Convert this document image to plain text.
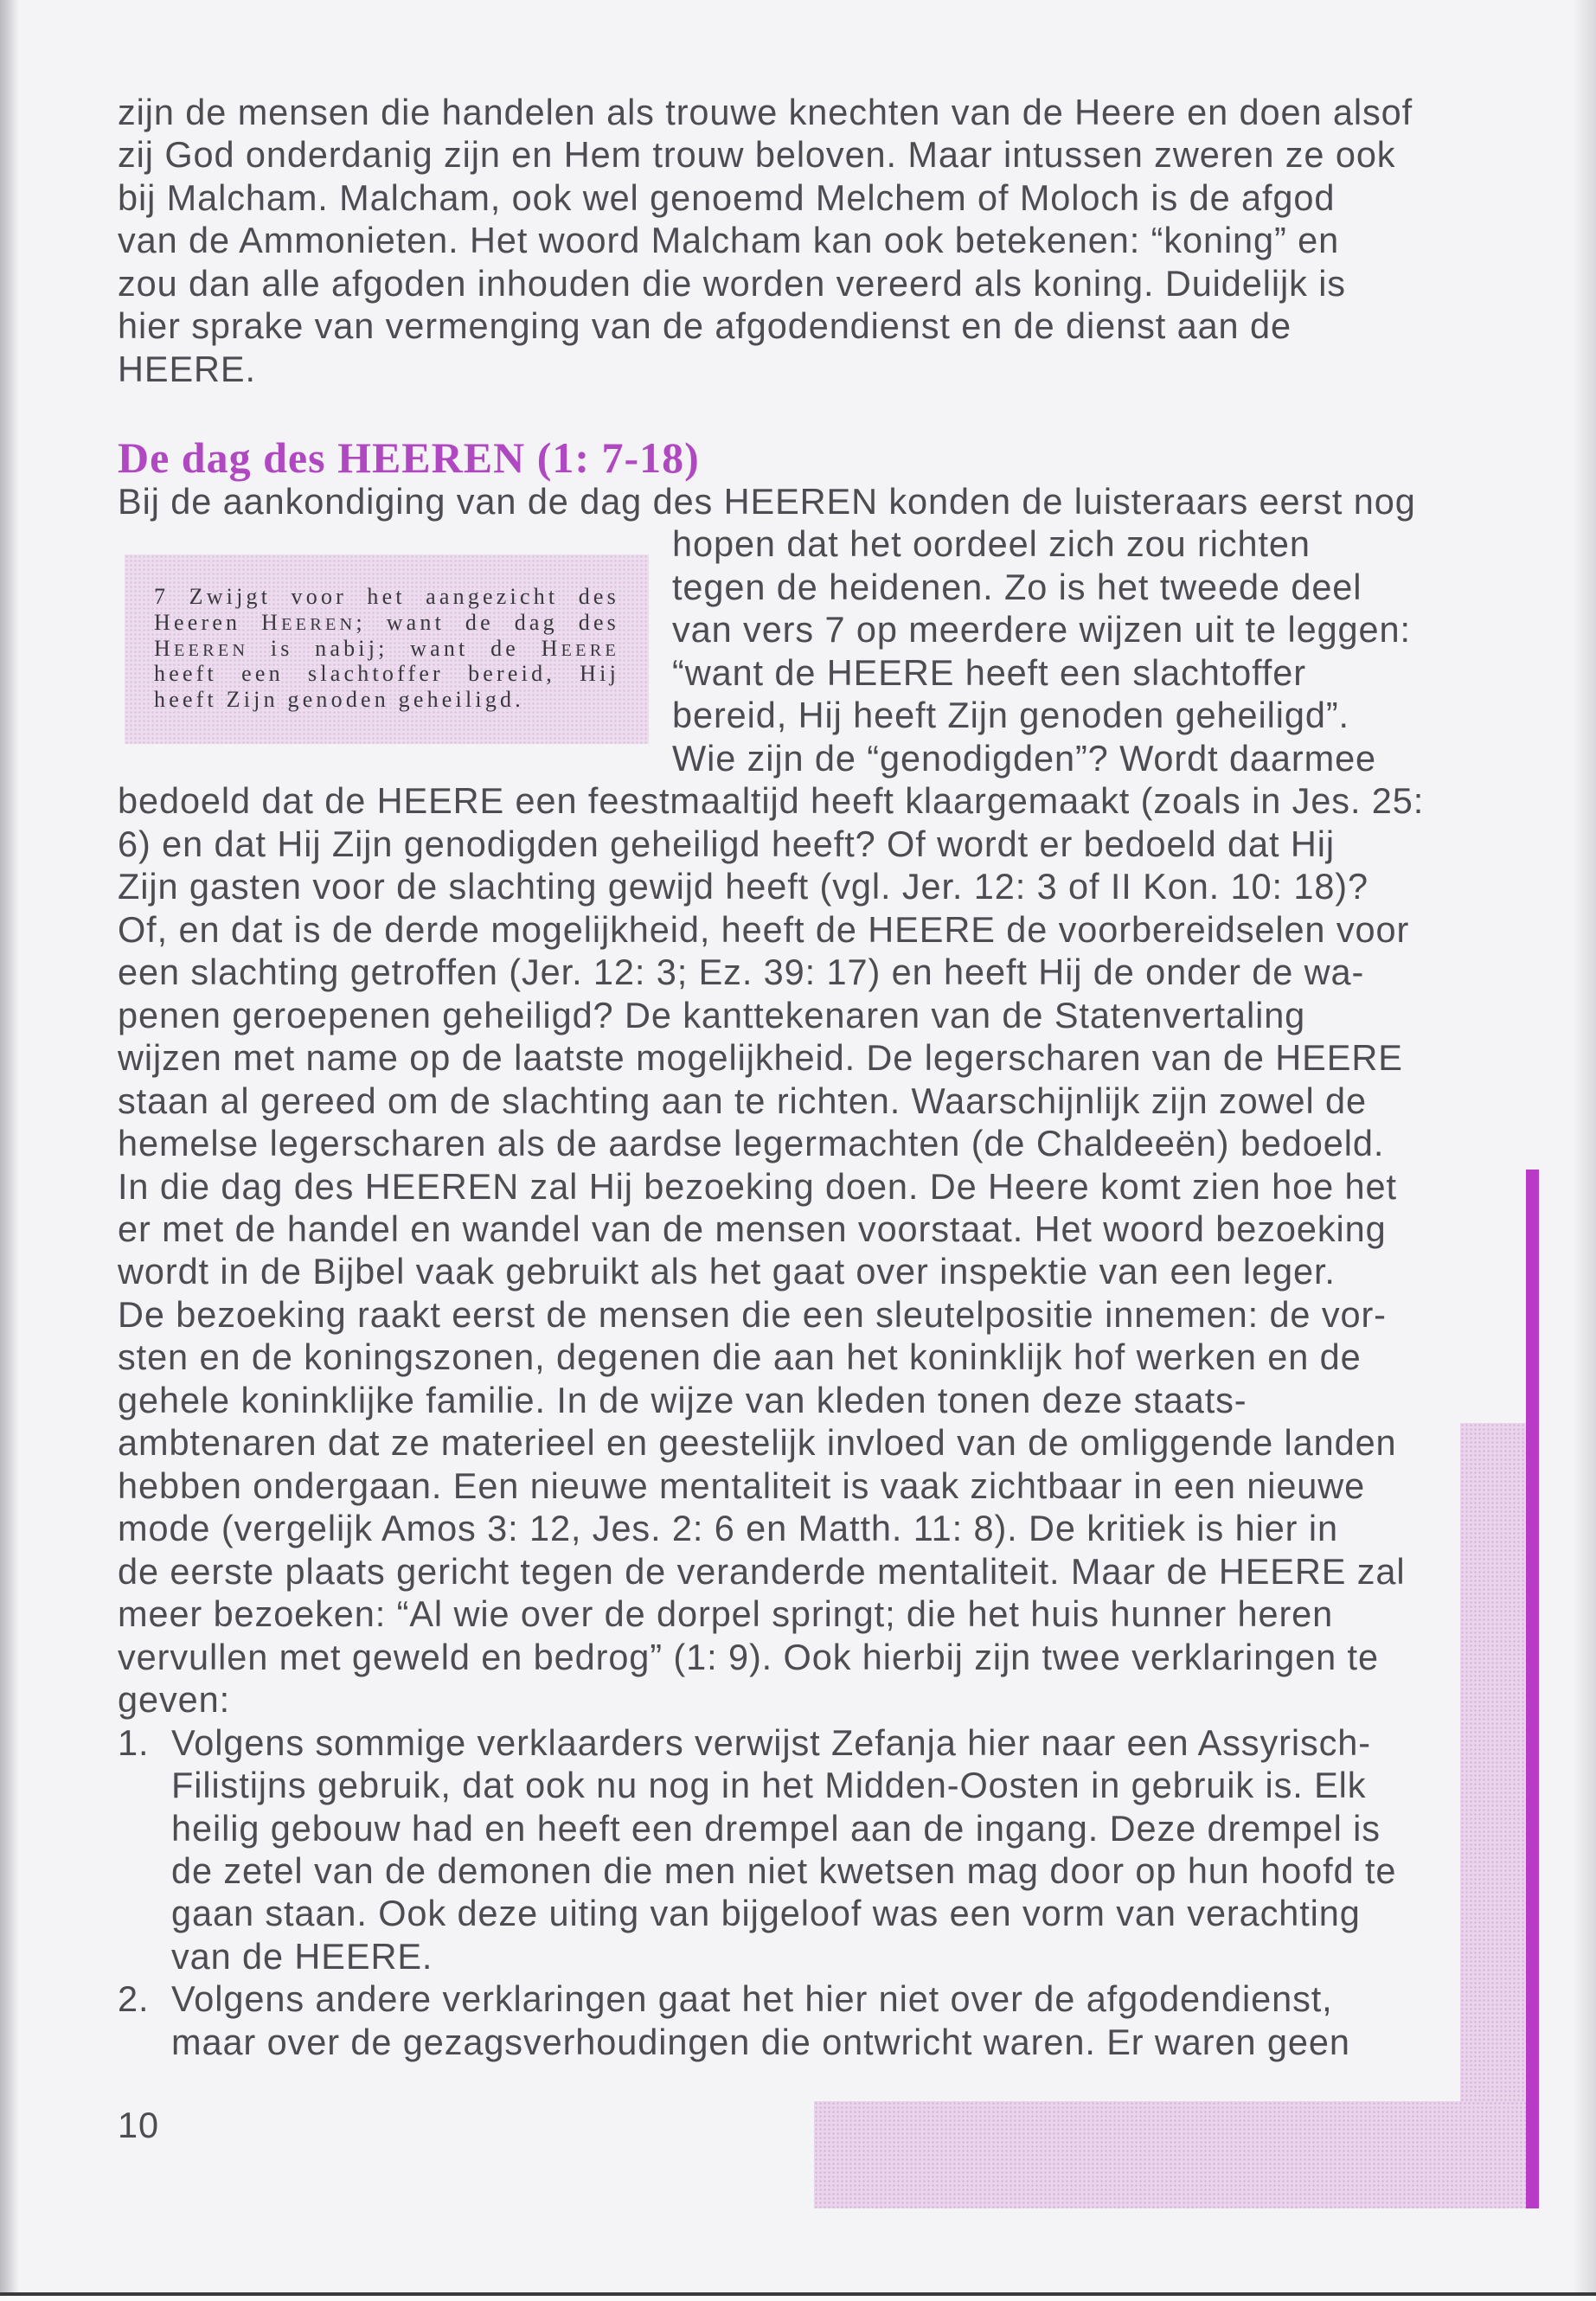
zijn de mensen die handelen als trouwe knechten van de Heere en doen alsof
zij God onderdanig zijn en Hem trouw beloven. Maar intussen zweren ze ook
bij Malcham. Malcham, ook wel genoemd Melchem of Moloch is de afgod
van de Ammonieten. Het woord Malcham kan ook betekenen: “koning” en
zou dan alle afgoden inhouden die worden vereerd als koning. Duidelijk is
hier sprake van vermenging van de afgodendienst en de dienst aan de
HEERE.
De dag des HEEREN (1: 7-18)
7 Zwijgt voor het aangezicht des
Heeren HEEREN; want de dag des
HEEREN is nabij; want de HEERE
heeft een slachtoffer bereid, Hij
heeft Zijn genoden geheiligd.
Bij de aankondiging van de dag des HEEREN konden de luisteraars eerst nog
hopen dat het oordeel zich zou richten
tegen de heidenen. Zo is het tweede deel
van vers 7 op meerdere wijzen uit te leggen:
“want de HEERE heeft een slachtoffer
bereid, Hij heeft Zijn genoden geheiligd”.
Wie zijn de “genodigden”? Wordt daarmee
bedoeld dat de HEERE een feestmaaltijd heeft klaargemaakt (zoals in Jes. 25:
6) en dat Hij Zijn genodigden geheiligd heeft? Of wordt er bedoeld dat Hij
Zijn gasten voor de slachting gewijd heeft (vgl. Jer. 12: 3 of II Kon. 10: 18)?
Of, en dat is de derde mogelijkheid, heeft de HEERE de voorbereidselen voor
een slachting getroffen (Jer. 12: 3; Ez. 39: 17) en heeft Hij de onder de wa-
penen geroepenen geheiligd? De kanttekenaren van de Statenvertaling
wijzen met name op de laatste mogelijkheid. De legerscharen van de HEERE
staan al gereed om de slachting aan te richten. Waarschijnlijk zijn zowel de
hemelse legerscharen als de aardse legermachten (de Chaldeeën) bedoeld.
In die dag des HEEREN zal Hij bezoeking doen. De Heere komt zien hoe het
er met de handel en wandel van de mensen voorstaat. Het woord bezoeking
wordt in de Bijbel vaak gebruikt als het gaat over inspektie van een leger.
De bezoeking raakt eerst de mensen die een sleutelpositie innemen: de vor-
sten en de koningszonen, degenen die aan het koninklijk hof werken en de
gehele koninklijke familie. In de wijze van kleden tonen deze staats-
ambtenaren dat ze materieel en geestelijk invloed van de omliggende landen
hebben ondergaan. Een nieuwe mentaliteit is vaak zichtbaar in een nieuwe
mode (vergelijk Amos 3: 12, Jes. 2: 6 en Matth. 11: 8). De kritiek is hier in
de eerste plaats gericht tegen de veranderde mentaliteit. Maar de HEERE zal
meer bezoeken: “Al wie over de dorpel springt; die het huis hunner heren
vervullen met geweld en bedrog” (1: 9). Ook hierbij zijn twee verklaringen te
geven:
1. Volgens sommige verklaarders verwijst Zefanja hier naar een Assyrisch-
Filistijns gebruik, dat ook nu nog in het Midden-Oosten in gebruik is. Elk
heilig gebouw had en heeft een drempel aan de ingang. Deze drempel is
de zetel van de demonen die men niet kwetsen mag door op hun hoofd te
gaan staan. Ook deze uiting van bijgeloof was een vorm van verachting
van de HEERE.
2. Volgens andere verklaringen gaat het hier niet over de afgodendienst,
maar over de gezagsverhoudingen die ontwricht waren. Er waren geen
10
